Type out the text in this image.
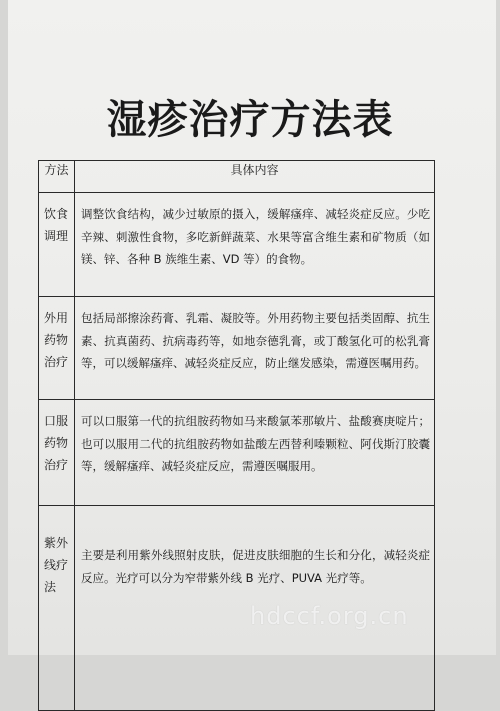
湿疹治疗方法表
方法	具体内容
饮食调理	调整饮食结构，减少过敏原的摄入，缓解瘙痒、减轻炎症反应。少吃辛辣、刺激性食物，多吃新鲜蔬菜、水果等富含维生素和矿物质（如镁、锌、各种 B 族维生素、VD 等）的食物。
外用药物治疗	包括局部擦涂药膏、乳霜、凝胶等。外用药物主要包括类固醇、抗生素、抗真菌药、抗病毒药等，如地奈德乳膏，或丁酸氢化可的松乳膏等，可以缓解瘙痒、减轻炎症反应，防止继发感染，需遵医嘱用药。
口服药物治疗	可以口服第一代的抗组胺药物如马来酸氯苯那敏片、盐酸赛庚啶片；也可以服用二代的抗组胺药物如盐酸左西替利嗪颗粒、阿伐斯汀胶囊等，缓解瘙痒、减轻炎症反应，需遵医嘱服用。
紫外线疗法	主要是利用紫外线照射皮肤，促进皮肤细胞的生长和分化，减轻炎症反应。光疗可以分为窄带紫外线 B 光疗、PUVA 光疗等。
hdccf.org.cn
